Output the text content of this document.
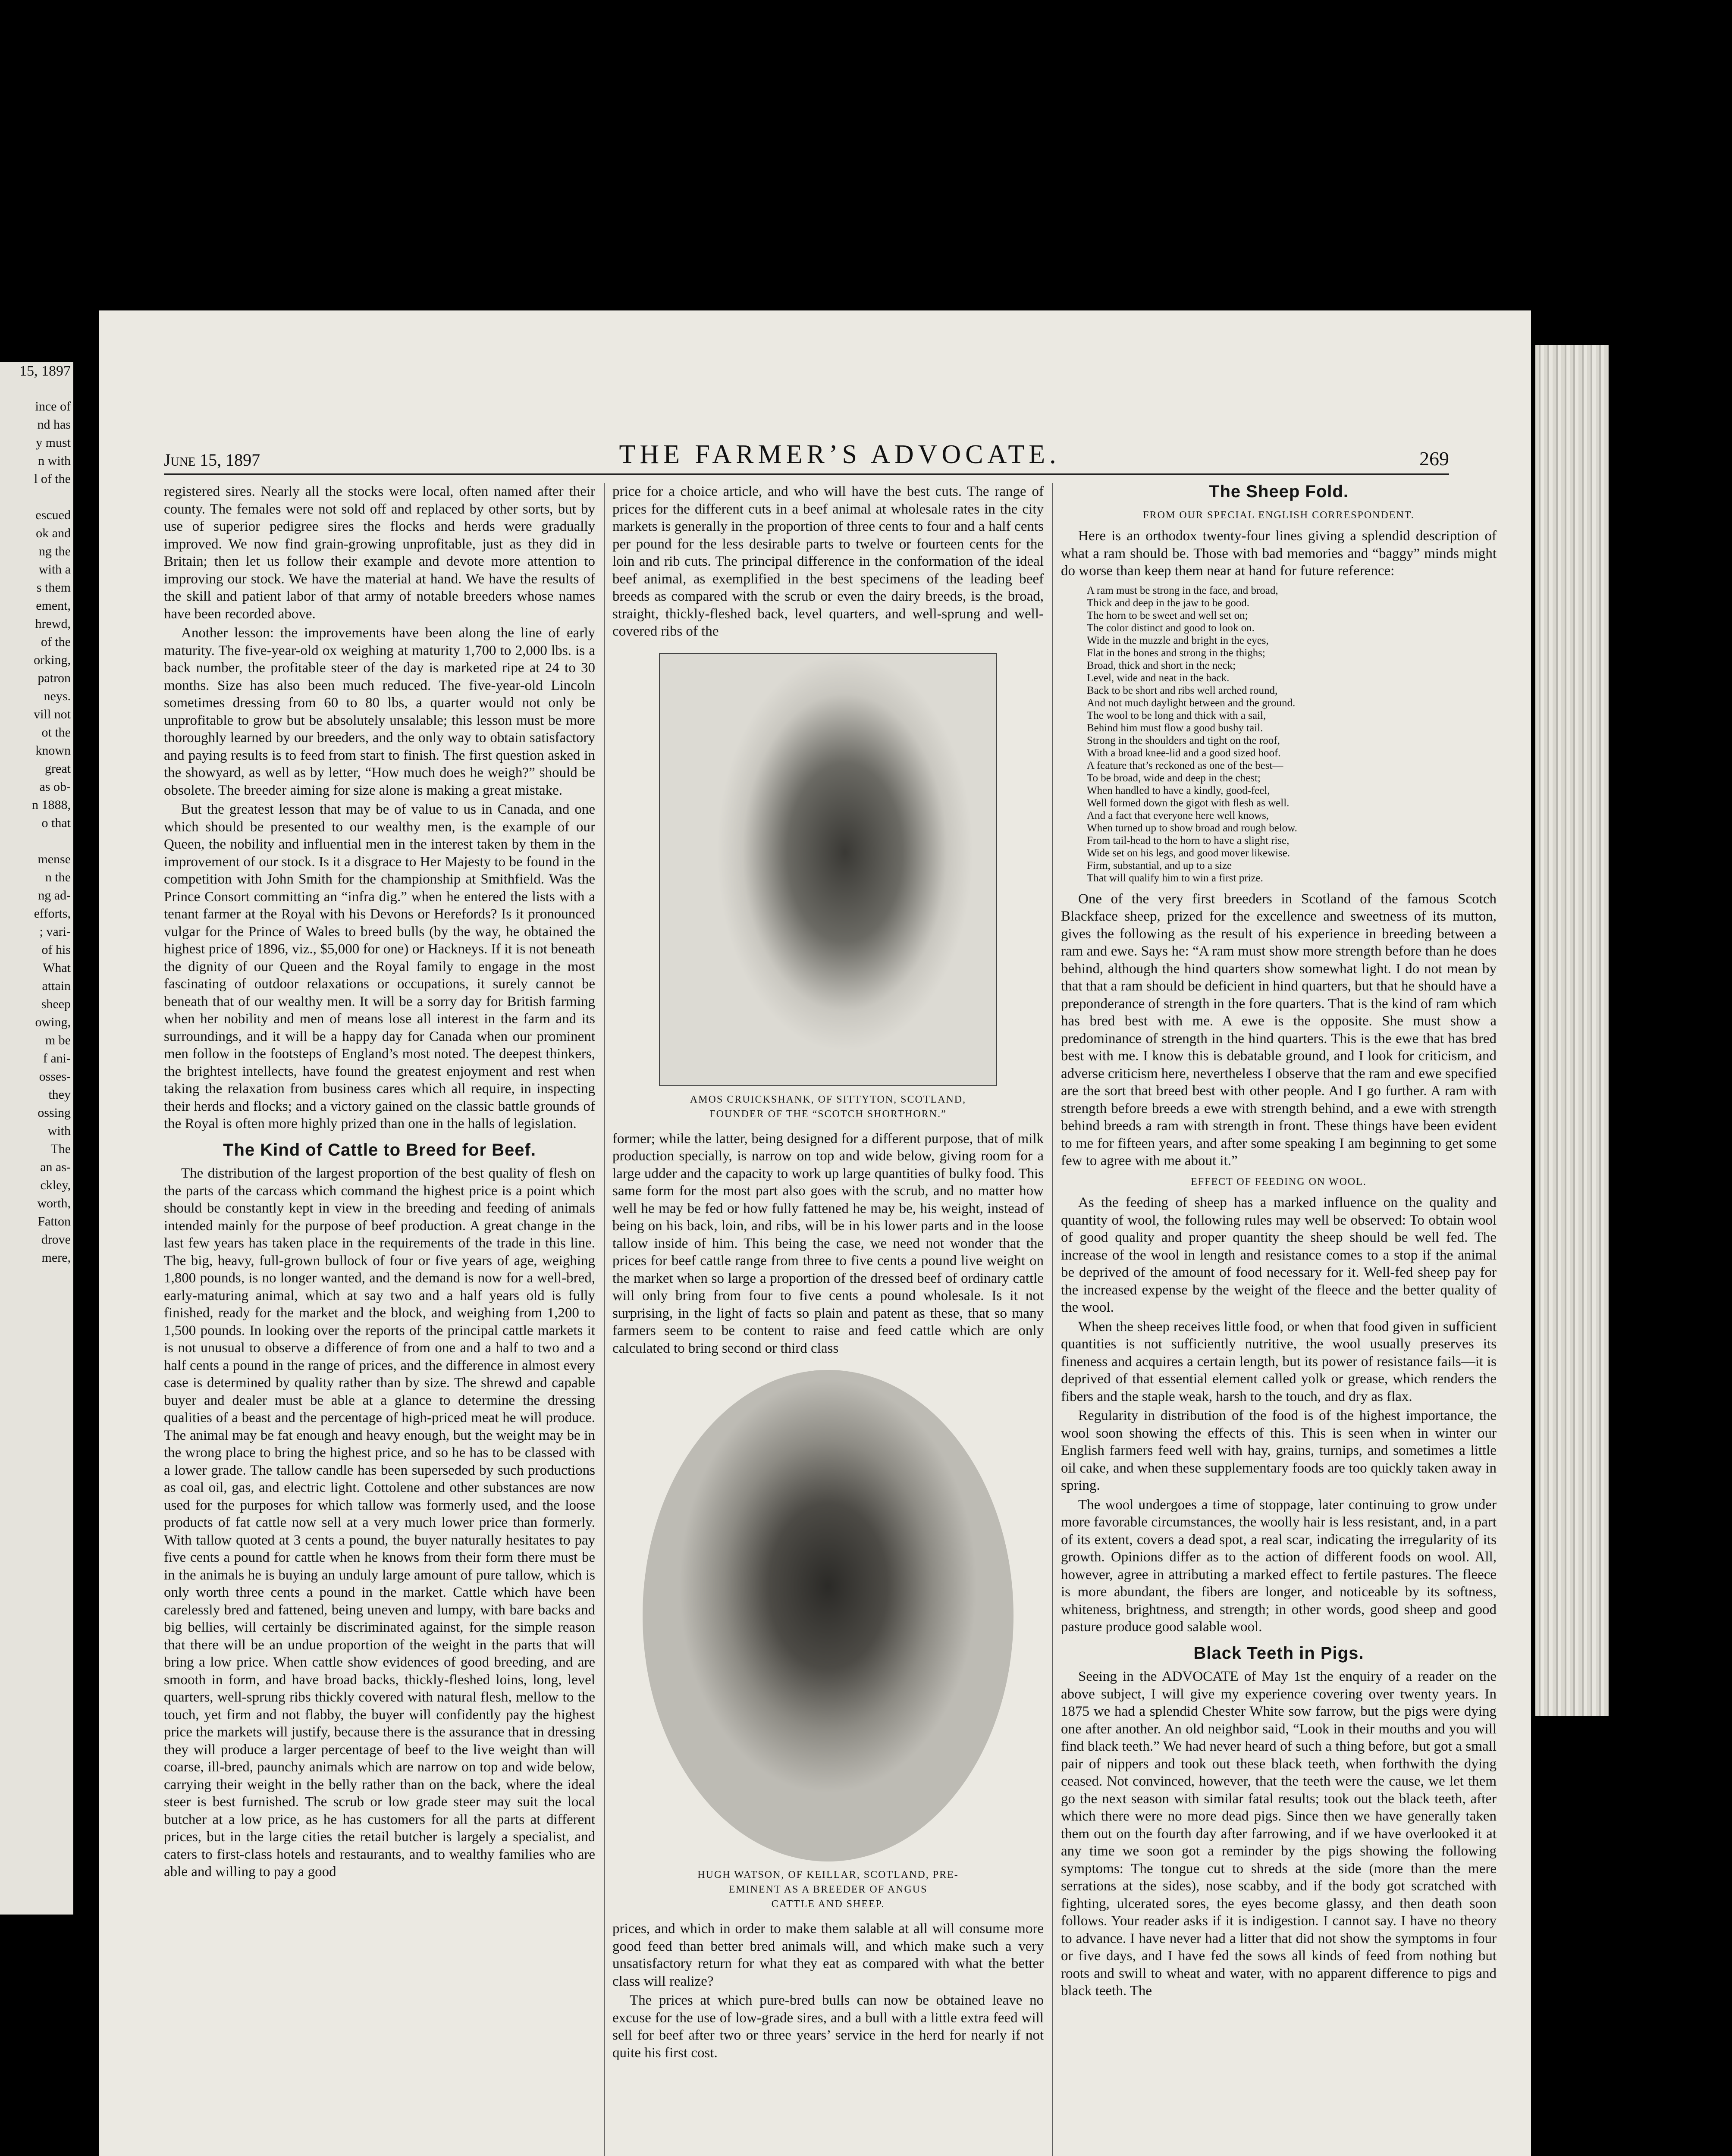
15, 1897
ince of
nd has
y must
n with
l of the

escued
ok and
ng the
with a
s them
ement,
hrewd,
of the
orking,
patron
neys.
vill not
ot the
known
great
as ob-
n 1888,
o that

mense
n the
ng ad-
efforts,
; vari-
of his
What
attain
sheep
owing,
m be
f ani-
osses-
they
ossing
with
The
an as-
ckley,
worth,
Fatton
drove
mere,
June 15, 1897	THE FARMER’S ADVOCATE.	269

registered sires. Nearly all the stocks were local, often named after their county. The females were not sold off and replaced by other sorts, but by use of superior pedigree sires the flocks and herds were gradually improved. We now find grain-growing unprofitable, just as they did in Britain; then let us follow their example and devote more attention to improving our stock. We have the material at hand. We have the results of the skill and patient labor of that army of notable breeders whose names have been recorded above.

Another lesson: the improvements have been along the line of early maturity. The five-year-old ox weighing at maturity 1,700 to 2,000 lbs. is a back number, the profitable steer of the day is marketed ripe at 24 to 30 months. Size has also been much reduced. The five-year-old Lincoln sometimes dressing from 60 to 80 lbs, a quarter would not only be unprofitable to grow but be absolutely unsalable; this lesson must be more thoroughly learned by our breeders, and the only way to obtain satisfactory and paying results is to feed from start to finish. The first question asked in the showyard, as well as by letter, “How much does he weigh?” should be obsolete. The breeder aiming for size alone is making a great mistake.

But the greatest lesson that may be of value to us in Canada, and one which should be presented to our wealthy men, is the example of our Queen, the nobility and influential men in the interest taken by them in the improvement of our stock. Is it a disgrace to Her Majesty to be found in the competition with John Smith for the championship at Smithfield. Was the Prince Consort committing an “infra dig.” when he entered the lists with a tenant farmer at the Royal with his Devons or Herefords? Is it pronounced vulgar for the Prince of Wales to breed bulls (by the way, he obtained the highest price of 1896, viz., $5,000 for one) or Hackneys. If it is not beneath the dignity of our Queen and the Royal family to engage in the most fascinating of outdoor relaxations or occupations, it surely cannot be beneath that of our wealthy men. It will be a sorry day for British farming when her nobility and men of means lose all interest in the farm and its surroundings, and it will be a happy day for Canada when our prominent men follow in the footsteps of England’s most noted. The deepest thinkers, the brightest intellects, have found the greatest enjoyment and rest when taking the relaxation from business cares which all require, in inspecting their herds and flocks; and a victory gained on the classic battle grounds of the Royal is often more highly prized than one in the halls of legislation.

The Kind of Cattle to Breed for Beef.

The distribution of the largest proportion of the best quality of flesh on the parts of the carcass which command the highest price is a point which should be constantly kept in view in the breeding and feeding of animals intended mainly for the purpose of beef production. A great change in the last few years has taken place in the requirements of the trade in this line. The big, heavy, full-grown bullock of four or five years of age, weighing 1,800 pounds, is no longer wanted, and the demand is now for a well-bred, early-maturing animal, which at say two and a half years old is fully finished, ready for the market and the block, and weighing from 1,200 to 1,500 pounds. In looking over the reports of the principal cattle markets it is not unusual to observe a difference of from one and a half to two and a half cents a pound in the range of prices, and the difference in almost every case is determined by quality rather than by size. The shrewd and capable buyer and dealer must be able at a glance to determine the dressing qualities of a beast and the percentage of high-priced meat he will produce. The animal may be fat enough and heavy enough, but the weight may be in the wrong place to bring the highest price, and so he has to be classed with a lower grade. The tallow candle has been superseded by such productions as coal oil, gas, and electric light. Cottolene and other substances are now used for the purposes for which tallow was formerly used, and the loose products of fat cattle now sell at a very much lower price than formerly. With tallow quoted at 3 cents a pound, the buyer naturally hesitates to pay five cents a pound for cattle when he knows from their form there must be in the animals he is buying an unduly large amount of pure tallow, which is only worth three cents a pound in the market. Cattle which have been carelessly bred and fattened, being uneven and lumpy, with bare backs and big bellies, will certainly be discriminated against, for the simple reason that there will be an undue proportion of the weight in the parts that will bring a low price. When cattle show evidences of good breeding, and are smooth in form, and have broad backs, thickly-fleshed loins, long, level quarters, well-sprung ribs thickly covered with natural flesh, mellow to the touch, yet firm and not flabby, the buyer will confidently pay the highest price the markets will justify, because there is the assurance that in dressing they will produce a larger percentage of beef to the live weight than will coarse, ill-bred, paunchy animals which are narrow on top and wide below, carrying their weight in the belly rather than on the back, where the ideal steer is best furnished. The scrub or low grade steer may suit the local butcher at a low price, as he has customers for all the parts at different prices, but in the large cities the retail butcher is largely a specialist, and caters to first-class hotels and restaurants, and to wealthy families who are able and willing to pay a good

price for a choice article, and who will have the best cuts. The range of prices for the different cuts in a beef animal at wholesale rates in the city markets is generally in the proportion of three cents to four and a half cents per pound for the less desirable parts to twelve or fourteen cents for the loin and rib cuts. The principal difference in the conformation of the ideal beef animal, as exemplified in the best specimens of the leading beef breeds as compared with the scrub or even the dairy breeds, is the broad, straight, thickly-fleshed back, level quarters, and well-sprung and well-covered ribs of the

AMOS CRUICKSHANK, OF SITTYTON, SCOTLAND,
FOUNDER OF THE “SCOTCH SHORTHORN.”

former; while the latter, being designed for a different purpose, that of milk production specially, is narrow on top and wide below, giving room for a large udder and the capacity to work up large quantities of bulky food. This same form for the most part also goes with the scrub, and no matter how well he may be fed or how fully fattened he may be, his weight, instead of being on his back, loin, and ribs, will be in his lower parts and in the loose tallow inside of him. This being the case, we need not wonder that the prices for beef cattle range from three to five cents a pound live weight on the market when so large a proportion of the dressed beef of ordinary cattle will only bring from four to five cents a pound wholesale. Is it not surprising, in the light of facts so plain and patent as these, that so many farmers seem to be content to raise and feed cattle which are only calculated to bring second or third class

HUGH WATSON, OF KEILLAR, SCOTLAND, PRE-
EMINENT AS A BREEDER OF ANGUS
CATTLE AND SHEEP.

prices, and which in order to make them salable at all will consume more good feed than better bred animals will, and which make such a very unsatisfactory return for what they eat as compared with what the better class will realize?

The prices at which pure-bred bulls can now be obtained leave no excuse for the use of low-grade sires, and a bull with a little extra feed will sell for beef after two or three years’ service in the herd for nearly if not quite his first cost.

The Sheep Fold.
FROM OUR SPECIAL ENGLISH CORRESPONDENT.

Here is an orthodox twenty-four lines giving a splendid description of what a ram should be. Those with bad memories and “baggy” minds might do worse than keep them near at hand for future reference:

A ram must be strong in the face, and broad,
Thick and deep in the jaw to be good.
The horn to be sweet and well set on;
The color distinct and good to look on.
Wide in the muzzle and bright in the eyes,
Flat in the bones and strong in the thighs;
Broad, thick and short in the neck;
Level, wide and neat in the back.
Back to be short and ribs well arched round,
And not much daylight between and the ground.
The wool to be long and thick with a sail,
Behind him must flow a good bushy tail.
Strong in the shoulders and tight on the roof,
With a broad knee-lid and a good sized hoof.
A feature that’s reckoned as one of the best—
To be broad, wide and deep in the chest;
When handled to have a kindly, good-feel,
Well formed down the gigot with flesh as well.
And a fact that everyone here well knows,
When turned up to show broad and rough below.
From tail-head to the horn to have a slight rise,
Wide set on his legs, and good mover likewise.
Firm, substantial, and up to a size
That will qualify him to win a first prize.

One of the very first breeders in Scotland of the famous Scotch Blackface sheep, prized for the excellence and sweetness of its mutton, gives the following as the result of his experience in breeding between a ram and ewe. Says he: “A ram must show more strength before than he does behind, although the hind quarters show somewhat light. I do not mean by that that a ram should be deficient in hind quarters, but that he should have a preponderance of strength in the fore quarters. That is the kind of ram which has bred best with me. A ewe is the opposite. She must show a predominance of strength in the hind quarters. This is the ewe that has bred best with me. I know this is debatable ground, and I look for criticism, and adverse criticism here, nevertheless I observe that the ram and ewe specified are the sort that breed best with other people. And I go further. A ram with strength before breeds a ewe with strength behind, and a ewe with strength behind breeds a ram with strength in front. These things have been evident to me for fifteen years, and after some speaking I am beginning to get some few to agree with me about it.”

EFFECT OF FEEDING ON WOOL.

As the feeding of sheep has a marked influence on the quality and quantity of wool, the following rules may well be observed: To obtain wool of good quality and proper quantity the sheep should be well fed. The increase of the wool in length and resistance comes to a stop if the animal be deprived of the amount of food necessary for it. Well-fed sheep pay for the increased expense by the weight of the fleece and the better quality of the wool.

When the sheep receives little food, or when that food given in sufficient quantities is not sufficiently nutritive, the wool usually preserves its fineness and acquires a certain length, but its power of resistance fails—it is deprived of that essential element called yolk or grease, which renders the fibers and the staple weak, harsh to the touch, and dry as flax.

Regularity in distribution of the food is of the highest importance, the wool soon showing the effects of this. This is seen when in winter our English farmers feed well with hay, grains, turnips, and sometimes a little oil cake, and when these supplementary foods are too quickly taken away in spring.

The wool undergoes a time of stoppage, later continuing to grow under more favorable circumstances, the woolly hair is less resistant, and, in a part of its extent, covers a dead spot, a real scar, indicating the irregularity of its growth. Opinions differ as to the action of different foods on wool. All, however, agree in attributing a marked effect to fertile pastures. The fleece is more abundant, the fibers are longer, and noticeable by its softness, whiteness, brightness, and strength; in other words, good sheep and good pasture produce good salable wool.

Black Teeth in Pigs.

Seeing in the ADVOCATE of May 1st the enquiry of a reader on the above subject, I will give my experience covering over twenty years. In 1875 we had a splendid Chester White sow farrow, but the pigs were dying one after another. An old neighbor said, “Look in their mouths and you will find black teeth.” We had never heard of such a thing before, but got a small pair of nippers and took out these black teeth, when forthwith the dying ceased. Not convinced, however, that the teeth were the cause, we let them go the next season with similar fatal results; took out the black teeth, after which there were no more dead pigs. Since then we have generally taken them out on the fourth day after farrowing, and if we have overlooked it at any time we soon got a reminder by the pigs showing the following symptoms: The tongue cut to shreds at the side (more than the mere serrations at the sides), nose scabby, and if the body got scratched with fighting, ulcerated sores, the eyes become glassy, and then death soon follows. Your reader asks if it is indigestion. I cannot say. I have no theory to advance. I have never had a litter that did not show the symptoms in four or five days, and I have fed the sows all kinds of feed from nothing but roots and swill to wheat and water, with no apparent difference to pigs and black teeth. The
